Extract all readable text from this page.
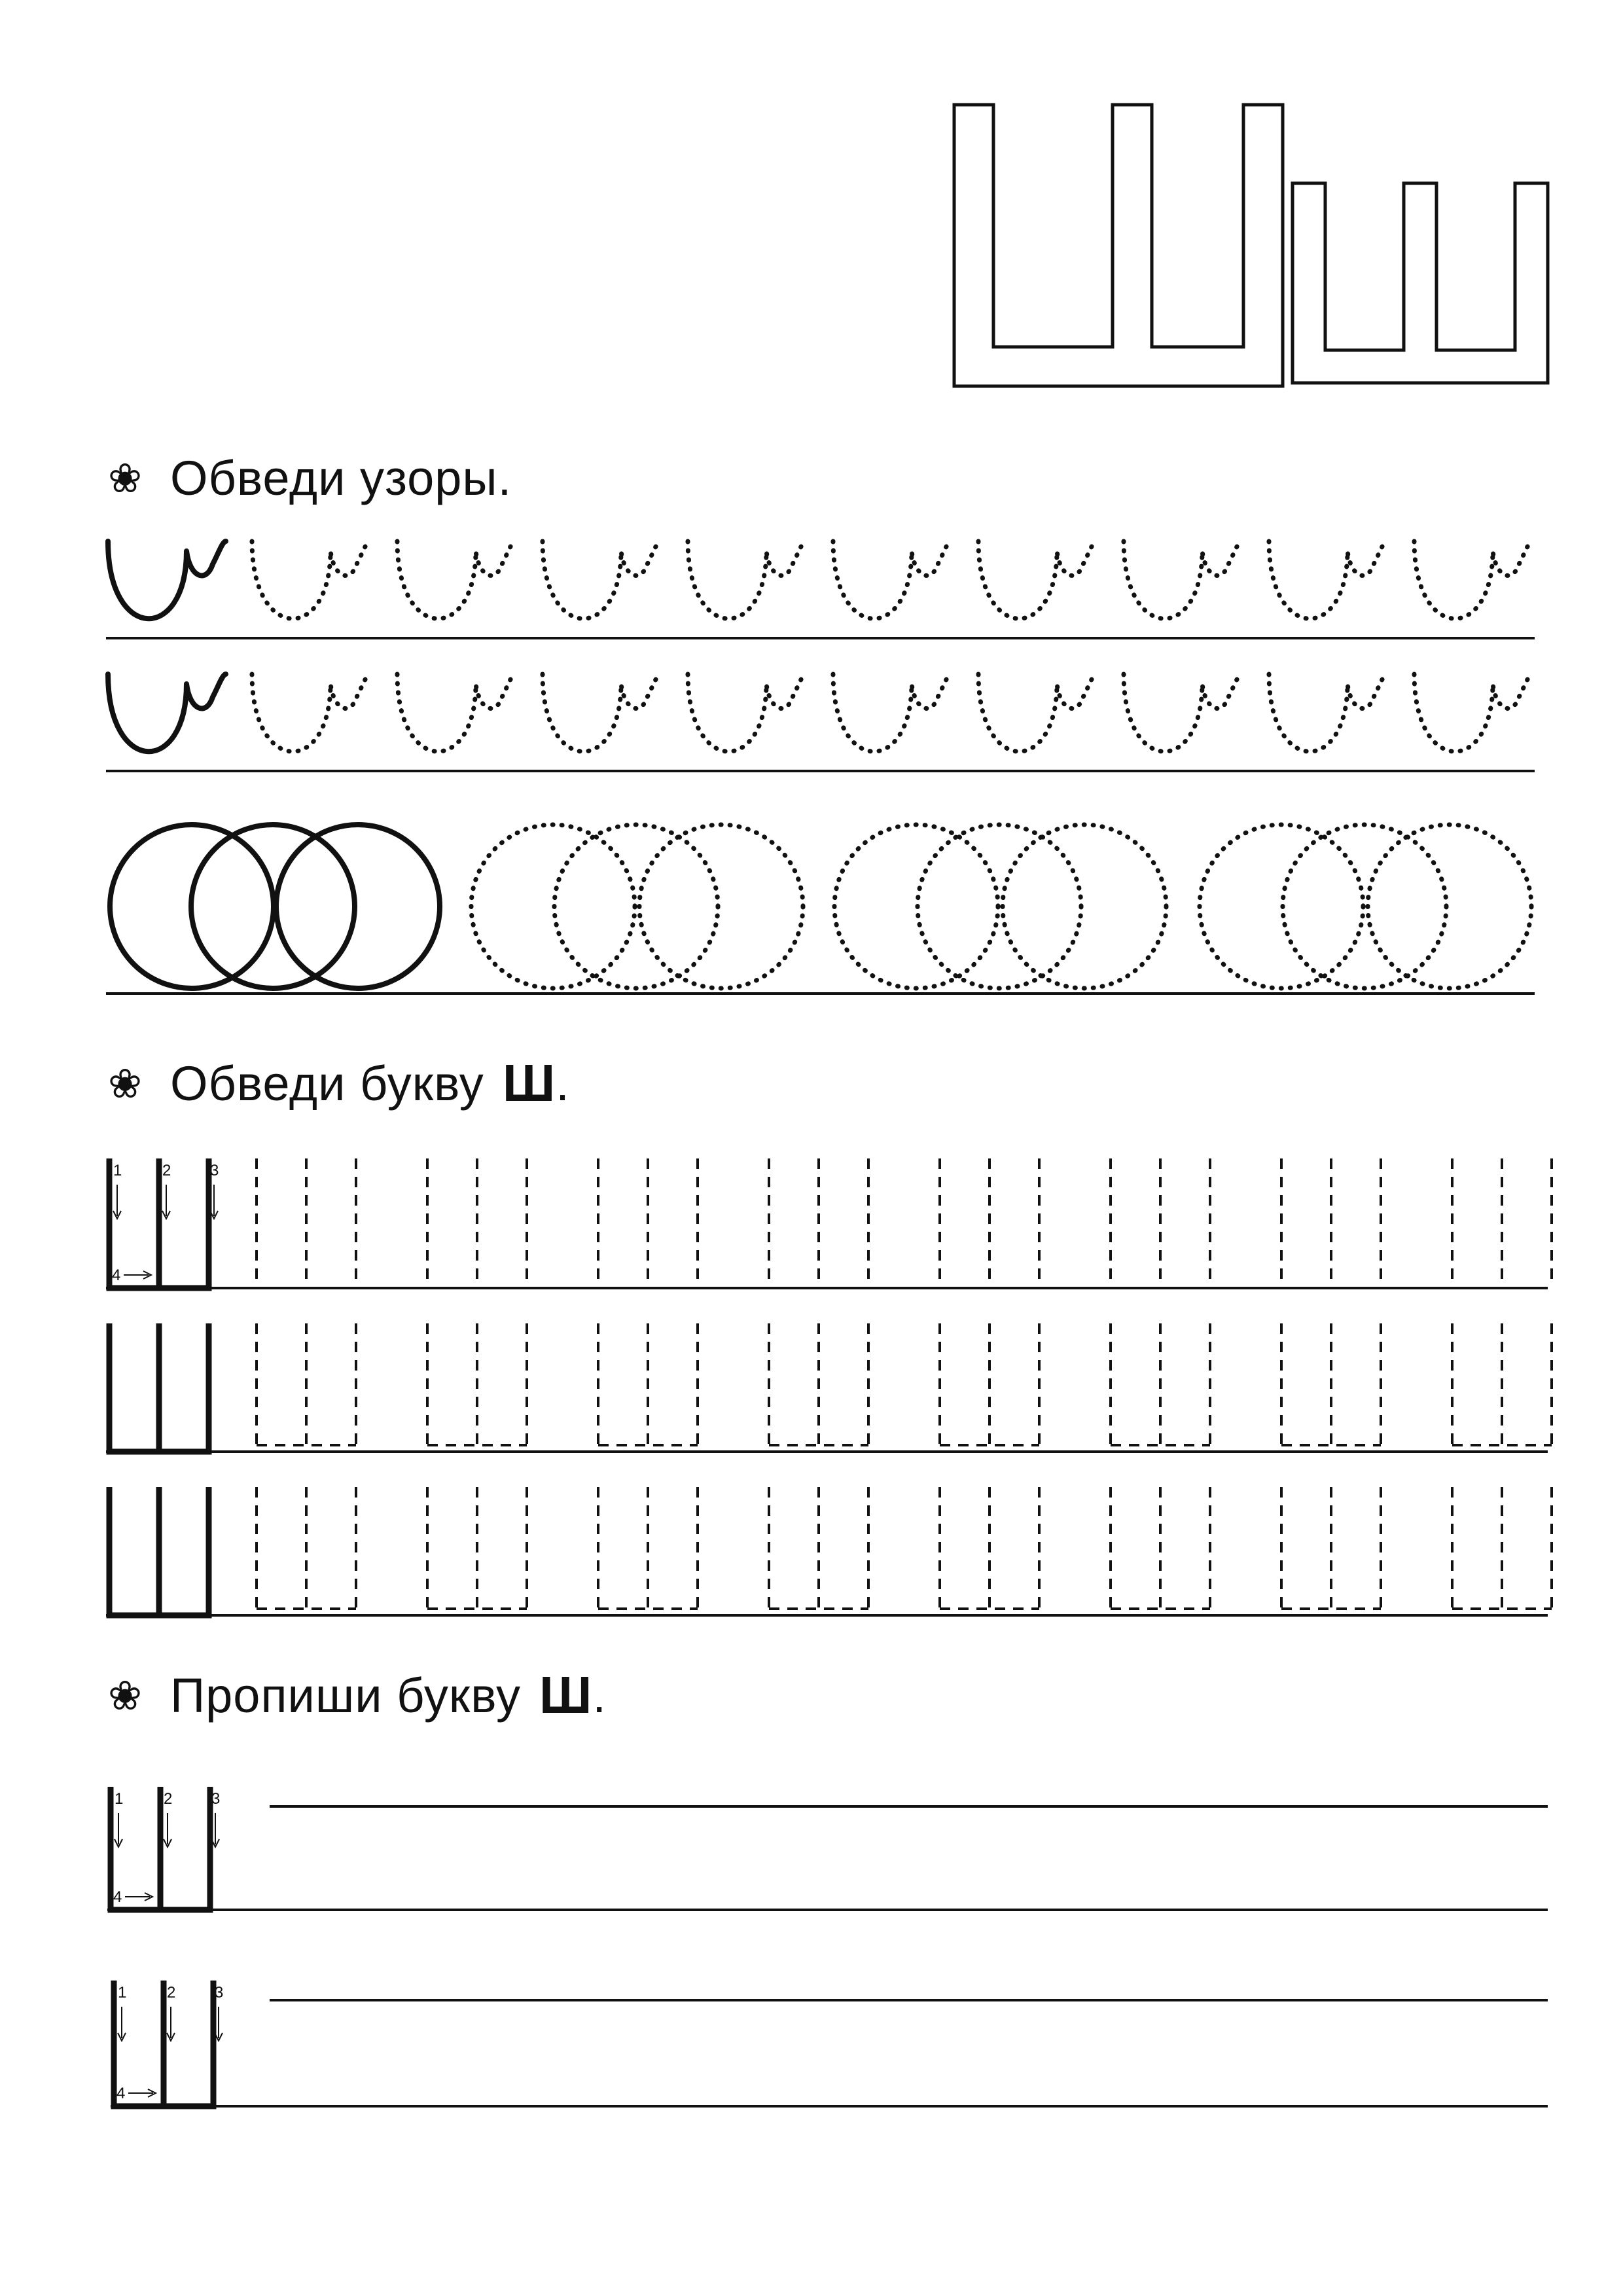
❀ Обведи узоры.
❀ Обведи букву Ш .
❀ Пропиши букву Ш .
1	2 3
4
1	2 3
4
1	2 3
4
